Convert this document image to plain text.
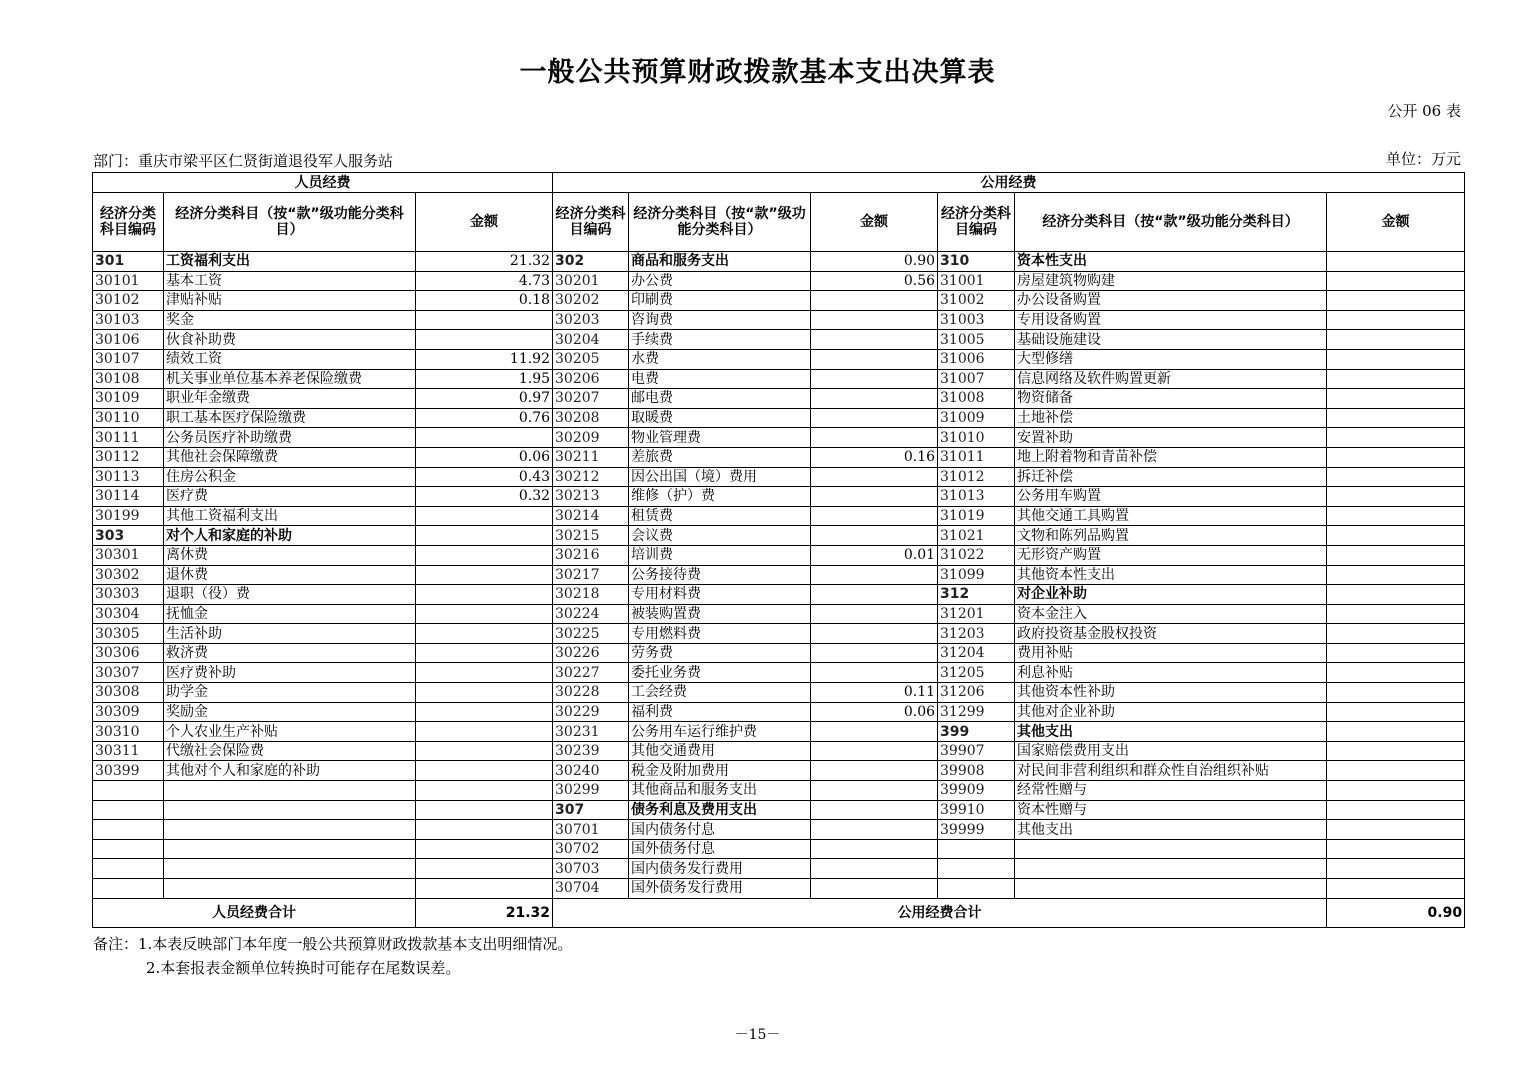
一般公共预算财政拨款基本支出决算表
公开 06 表
部门：重庆市梁平区仁贤街道退役军人服务站	单位：万元
人员经费			公用经费					
经济分类科目编码	经济分类科目（按“款”级功能分类科目）	金额	经济分类科目编码	经济分类科目（按“款”级功能分类科目）	金额	经济分类科目编码	经济分类科目（按“款”级功能分类科目）	金额
301	工资福利支出	21.32	302	商品和服务支出	0.90	310	资本性支出	
30101	基本工资	4.73	30201	办公费	0.56	31001	房屋建筑物购建	
30102	津贴补贴	0.18	30202	印刷费		31002	办公设备购置	
30103	奖金		30203	咨询费		31003	专用设备购置	
30106	伙食补助费		30204	手续费		31005	基础设施建设	
30107	绩效工资	11.92	30205	水费		31006	大型修缮	
30108	机关事业单位基本养老保险缴费	1.95	30206	电费		31007	信息网络及软件购置更新	
30109	职业年金缴费	0.97	30207	邮电费		31008	物资储备	
30110	职工基本医疗保险缴费	0.76	30208	取暖费		31009	土地补偿	
30111	公务员医疗补助缴费		30209	物业管理费		31010	安置补助	
30112	其他社会保障缴费	0.06	30211	差旅费	0.16	31011	地上附着物和青苗补偿	
30113	住房公积金	0.43	30212	因公出国（境）费用		31012	拆迁补偿	
30114	医疗费	0.32	30213	维修（护）费		31013	公务用车购置	
30199	其他工资福利支出		30214	租赁费		31019	其他交通工具购置	
303	对个人和家庭的补助		30215	会议费		31021	文物和陈列品购置	
30301	离休费		30216	培训费	0.01	31022	无形资产购置	
30302	退休费		30217	公务接待费		31099	其他资本性支出	
30303	退职（役）费		30218	专用材料费		312	对企业补助	
30304	抚恤金		30224	被装购置费		31201	资本金注入	
30305	生活补助		30225	专用燃料费		31203	政府投资基金股权投资	
30306	救济费		30226	劳务费		31204	费用补贴	
30307	医疗费补助		30227	委托业务费		31205	利息补贴	
30308	助学金		30228	工会经费	0.11	31206	其他资本性补助	
30309	奖励金		30229	福利费	0.06	31299	其他对企业补助	
30310	个人农业生产补贴		30231	公务用车运行维护费		399	其他支出	
30311	代缴社会保险费		30239	其他交通费用		39907	国家赔偿费用支出	
30399	其他对个人和家庭的补助		30240	税金及附加费用		39908	对民间非营利组织和群众性自治组织补贴	
			30299	其他商品和服务支出		39909	经常性赠与	
			307	债务利息及费用支出		39910	资本性赠与	
			30701	国内债务付息		39999	其他支出	
			30702	国外债务付息				
			30703	国内债务发行费用				
			30704	国外债务发行费用				
人员经费合计		21.32	公用经费合计					0.90
备注：1.本表反映部门本年度一般公共预算财政拨款基本支出明细情况。
2.本套报表金额单位转换时可能存在尾数误差。
－15－
